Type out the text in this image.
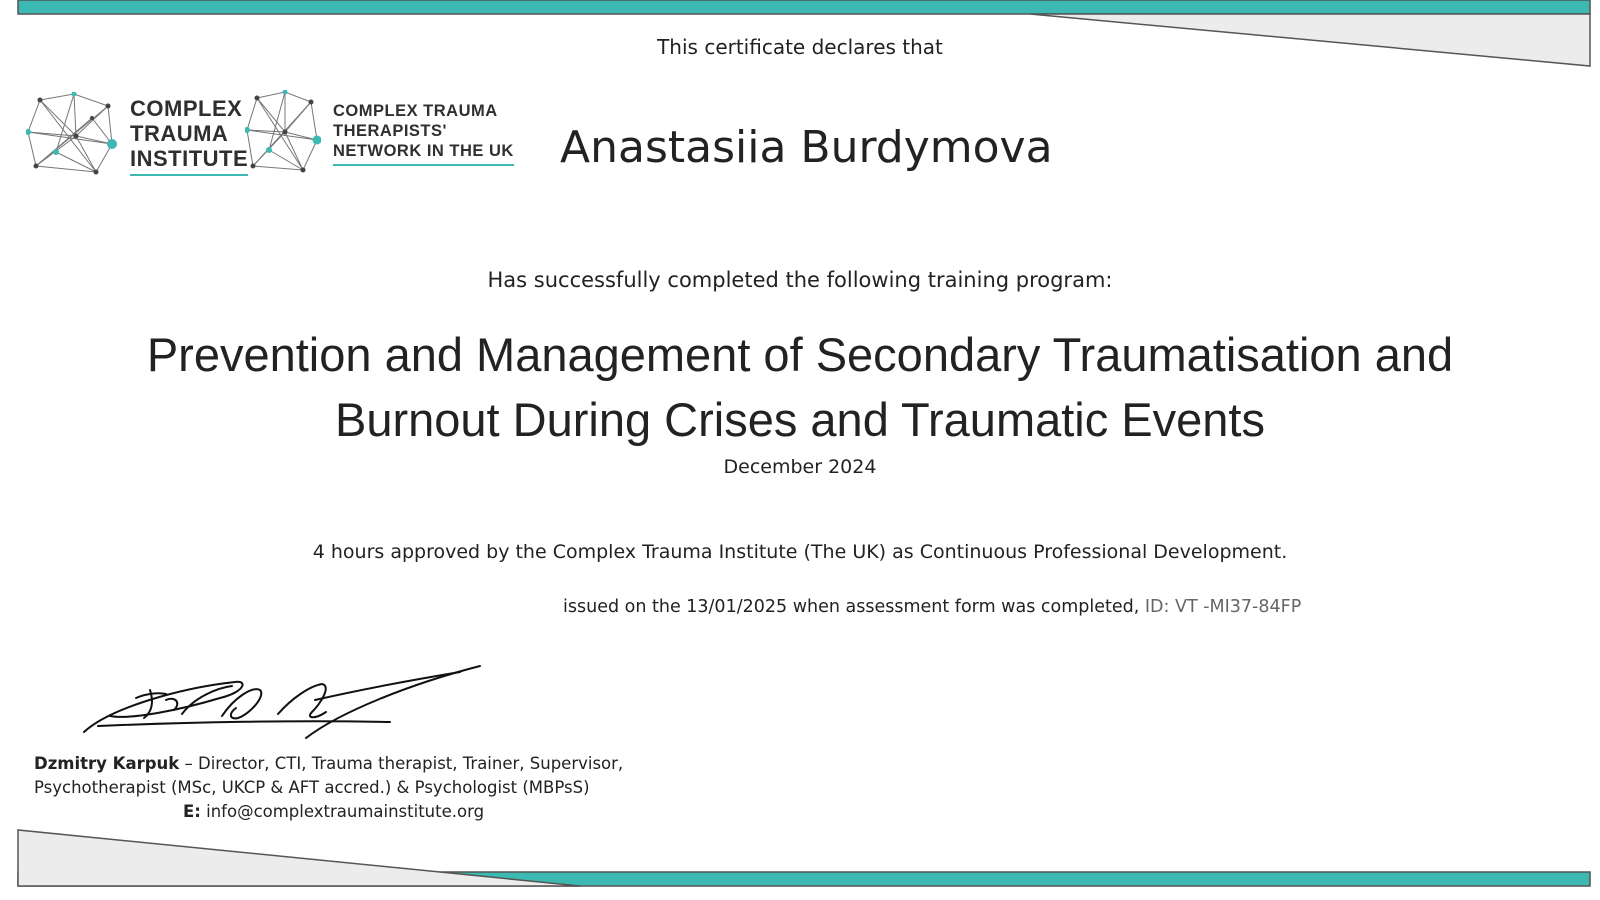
COMPLEX
TRAUMA
INSTITUTE
COMPLEX TRAUMA
THERAPISTS'
NETWORK IN THE UK
This certificate declares that
Anastasiia Burdymova
Has successfully completed the following training program:
Prevention and Management of Secondary Traumatisation and
Burnout During Crises and Traumatic Events
December 2024
4 hours approved by the Complex Trauma Institute (The UK) as Continuous Professional Development.
issued on the 13/01/2025 when assessment form was completed, ID: VT -MI37-84FP
Dzmitry Karpuk – Director, CTI, Trauma therapist, Trainer, Supervisor,
Psychotherapist (MSc, UKCP & AFT accred.) & Psychologist (MBPsS)
E: info@complextraumainstitute.org
